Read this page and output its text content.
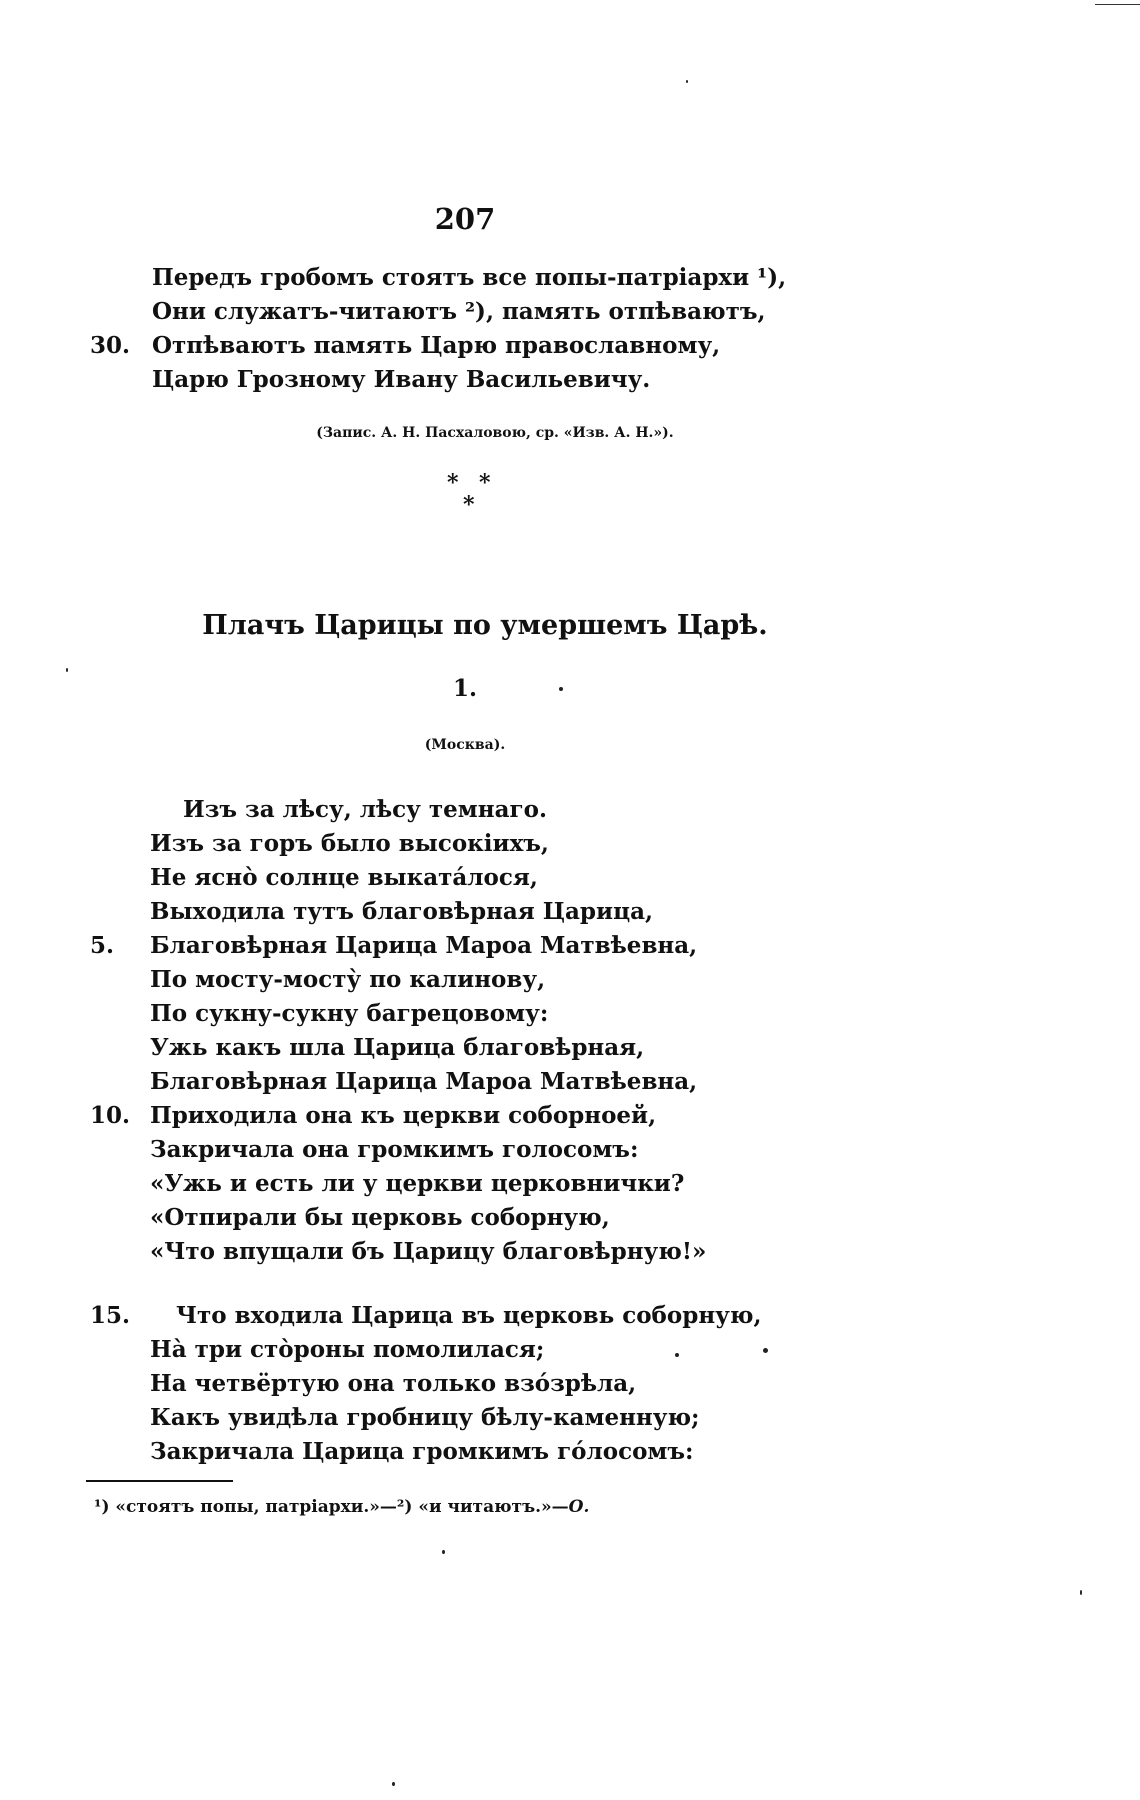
207
Передъ гробомъ стоятъ все попы-патріархи ¹),
Они служатъ-читаютъ ²), память отпѣваютъ,
30. Отпѣваютъ память Царю православному,
Царю Грозному Ивану Васильевичу.
(Запис. А. Н. Пасхаловою, ср. «Изв. А. Н.»).
* *
*
Плачъ Царицы по умершемъ Царѣ.
1.
(Москва).
Изъ за лѣсу, лѣсу темнаго.
Изъ за горъ было высокіихъ,
Не ясно̀ солнце выката́лося,
Выходила тутъ благовѣрная Царица,
5. Благовѣрная Царица Мароа Матвѣевна,
По мосту-мосту̀ по калинову,
По сукну-сукну багрецовому:
Ужь какъ шла Царица благовѣрная,
Благовѣрная Царица Мароа Матвѣевна,
10. Приходила она къ церкви соборноей,
Закричала она громкимъ голосомъ:
«Ужь и есть ли у церкви церковнички?
«Отпирали бы церковь соборную,
«Что впущали бъ Царицу благовѣрную!»
15. Что входила Царица въ церковь соборную,
На̀ три сто̀роны помолилася;
На четвёртую она только взо́зрѣла,
Какъ увидѣла гробницу бѣлу-каменную;
Закричала Царица громкимъ го́лосомъ:
¹) «стоятъ попы, патріархи.»—²) «и читаютъ.»—О.
